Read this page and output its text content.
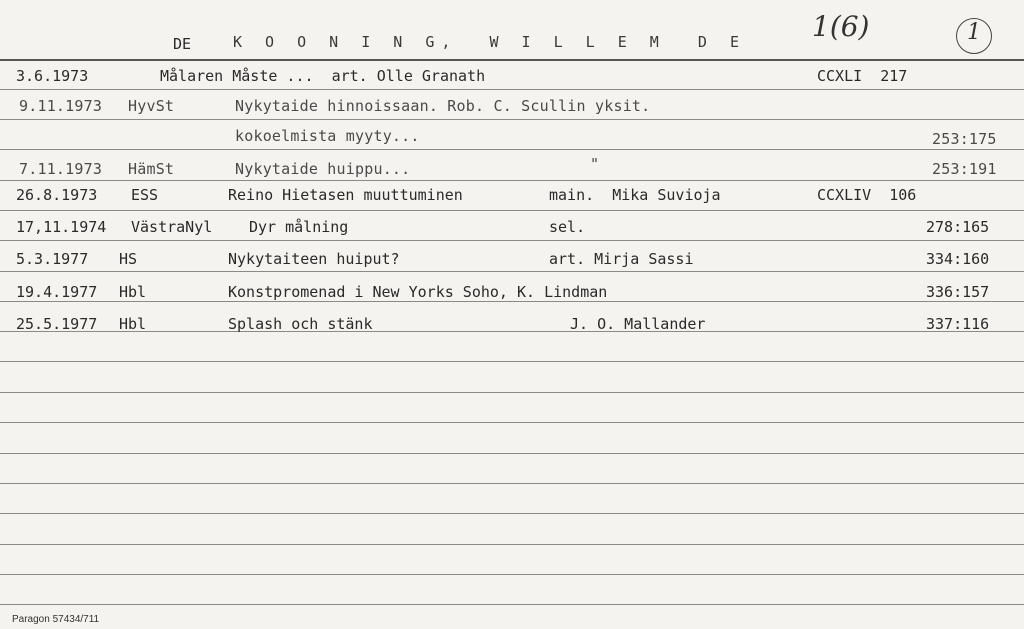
DE	K O O N I N G,  W I L L E M  D E 1(6)	1
3.6.1973	Målaren Måste ...  art. Olle Granath	CCXLI  217
9.11.1973 HyvSt	Nykytaide hinnoissaan. Rob. C. Scullin yksit.
kokoelmista myyty...	253:175
7.11.1973 HämSt	Nykytaide huippu...	"	253:191
26.8.1973 ESS	Reino Hietasen muuttuminen	main.  Mika Suvioja	CCXLIV  106
17,11.1974 VästraNyl Dyr målning	sel.	278:165
5.3.1977 HS	Nykytaiteen huiput?	art. Mirja Sassi	334:160
19.4.1977 Hbl	Konstpromenad i New Yorks Soho, K. Lindman	336:157
25.5.1977 Hbl	Splash och stänk	J. O. Mallander	337:116
Paragon 57434/711
